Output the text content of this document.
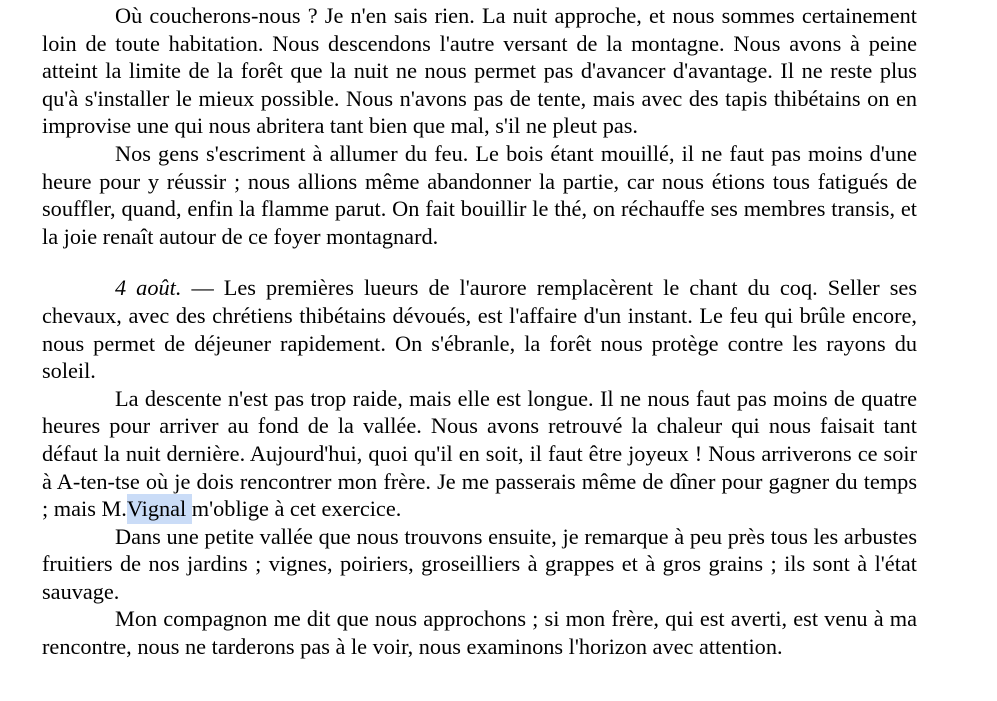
Où coucherons-nous ? Je n'en sais rien. La nuit approche, et nous sommes certainement loin de toute habitation. Nous descendons l'autre versant de la montagne. Nous avons à peine atteint la limite de la forêt que la nuit ne nous permet pas d'avancer d'avantage. Il ne reste plus qu'à s'installer le mieux possible. Nous n'avons pas de tente, mais avec des tapis thibétains on en improvise une qui nous abritera tant bien que mal, s'il ne pleut pas.

Nos gens s'escriment à allumer du feu. Le bois étant mouillé, il ne faut pas moins d'une heure pour y réussir ; nous allions même abandonner la partie, car nous étions tous fatigués de souffler, quand, enfin la flamme parut. On fait bouillir le thé, on réchauffe ses membres transis, et la joie renaît autour de ce foyer montagnard.

4 août. — Les premières lueurs de l'aurore remplacèrent le chant du coq. Seller ses chevaux, avec des chrétiens thibétains dévoués, est l'affaire d'un instant. Le feu qui brûle encore, nous permet de déjeuner rapidement. On s'ébranle, la forêt nous protège contre les rayons du soleil.

La descente n'est pas trop raide, mais elle est longue. Il ne nous faut pas moins de quatre heures pour arriver au fond de la vallée. Nous avons retrouvé la chaleur qui nous faisait tant défaut la nuit dernière. Aujourd'hui, quoi qu'il en soit, il faut être joyeux ! Nous arriverons ce soir à A-ten-tse où je dois rencontrer mon frère. Je me passerais même de dîner pour gagner du temps ; mais M.Vignal m'oblige à cet exercice.

Dans une petite vallée que nous trouvons ensuite, je remarque à peu près tous les arbustes fruitiers de nos jardins ; vignes, poiriers, groseilliers à grappes et à gros grains ; ils sont à l'état sauvage.

Mon compagnon me dit que nous approchons ; si mon frère, qui est averti, est venu à ma rencontre, nous ne tarderons pas à le voir, nous examinons l'horizon avec attention.
